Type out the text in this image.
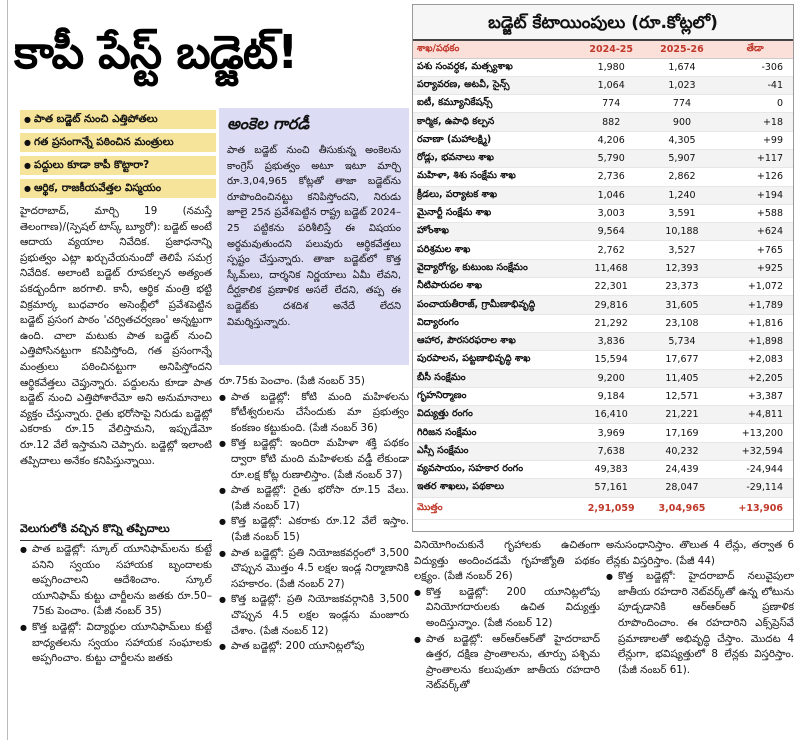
కాపీ పేస్ట్ బడ్జెట్!
● పాత బడ్జెట్ నుంచి ఎత్తిపోతలు
● గత ప్రసంగాన్నే పఠించిన మంత్రులు
● పద్దులు కూడా కాపీ కొట్టారా?
● ఆర్థిక, రాజకీయవేత్తల విస్మయం

హైదరాబాద్, మార్చి 19 (నమస్తే తెలంగాణ)/(స్పెషల్ టాస్క్ బ్యూరో): బడ్జెట్ అంటే ఆదాయ వ్యయాల నివేదిక. ప్రజాధనాన్ని ప్రభుత్వం ఎట్లా ఖర్చుచేయనుందో తెలిపే సమగ్ర నివేదిక. అలాంటి బడ్జెట్ రూపకల్పన అత్యంత పకడ్బందీగా జరగాలి. కానీ, ఆర్థిక మంత్రి భట్టి విక్రమార్క బుధవారం అసెంబ్లీలో ప్రవేశపెట్టిన బడ్జెట్ ప్రసంగ పాఠం 'చర్వితచర్వణం' అన్నట్టుగా ఉంది. చాలా మటుకు పాత బడ్జెట్ నుంచి ఎత్తిపోసినట్టుగా కనిపిస్తోంది, గత ప్రసంగాన్నే మంత్రులు పఠించినట్టుగా అనిపిస్తోందని ఆర్థికవేత్తలు చెప్తున్నారు. పద్దులను కూడా పాత బడ్జెట్ నుంచి ఎత్తిపోశారేమో అని అనుమానాలు వ్యక్తం చేస్తున్నారు. రైతు భరోసాపై నిరుడు బడ్జెట్లో ఎకరాకు రూ.15 వేలిస్తామని, ఇప్పుడేమో రూ.12 వేలే ఇస్తామని చెప్పారు. బడ్జెట్లో ఇలాంటి తప్పిదాలు అనేకం కనిపిస్తున్నాయి.

వెలుగులోకి వచ్చిన కొన్ని తప్పిదాలు
● పాత బడ్జెట్లో: స్కూల్ యూనిఫామ్‌లను కుట్టే పనిని స్వయం సహాయక బృందాలకు అప్పగించాలని ఆదేశించాం. స్కూల్ యూనిఫామ్ కుట్టు చార్జీలను జతకు రూ.50–75కు పెంచాం. (పేజీ నంబర్ 35)
● కొత్త బడ్జెట్లో: విద్యార్థుల యూనిఫామ్‌లు కుట్టే బాధ్యతలను స్వయం సహాయక సంఘాలకు అప్పగించాం. కుట్టు చార్జీలను జతకు
అంకెల గారడీ

పాత బడ్జెట్ నుంచి తీసుకున్న అంకెలను కాంగ్రెస్ ప్రభుత్వం అటూ ఇటూ మార్చి రూ.3,04,965 కోట్లతో తాజా బడ్జెట్‌ను రూపొందించినట్టు కనిపిస్తోందని, నిరుడు జూలై 25న ప్రవేశపెట్టిన రాష్ట్ర బడ్జెట్ 2024–25 పట్టికను పరిశీలిస్తే ఈ విషయం అర్థమవుతుందని పలువురు ఆర్థికవేత్తలు స్పష్టం చేస్తున్నారు. తాజా బడ్జెట్‌లో కొత్త స్కీమ్‌లు, దార్శనిక నిర్ణయాలు ఏమీ లేవని, దీర్ఘకాలిక ప్రణాళిక అసలే లేదని, తప్ప ఈ బడ్జెట్‌కు దశ‌దిశ అనేదే లేదని విమర్శిస్తున్నారు.

రూ.75కు పెంచాం. (పేజీ నంబర్ 35)

● పాత బడ్జెట్లో: కోటి మంది మహిళలను కోటీశ్వరులను చేసేందుకు మా ప్రభుత్వం కంకణం కట్టుకుంది. (పేజీ నంబర్ 36)
● కొత్త బడ్జెట్లో: ఇందిరా మహిళా శక్తి పథకం ద్వారా కోటి మంది మహిళలకు వడ్డీ లేకుండా రూ.లక్ష కోట్ల రుణాలిస్తాం. (పేజీ నంబర్ 37)
● పాత బడ్జెట్లో: రైతు భరోసా రూ.15 వేలు. (పేజీ నంబర్ 17)
● కొత్త బడ్జెట్లో: ఎకరాకు రూ.12 వేలే ఇస్తాం. (పేజీ నంబర్ 15)
● పాత బడ్జెట్లో: ప్రతి నియోజకవర్గంలో 3,500 చొప్పున మొత్తం 4.5 లక్షల ఇండ్ల నిర్మాణానికి సహకారం. (పేజీ నంబర్ 27)
● కొత్త బడ్జెట్లో: ప్రతి నియోజకవర్గానికి 3,500 చొప్పున 4.5 లక్షల ఇండ్లను మంజూరు చేశాం. (పేజీ నంబర్ 12)
● పాత బడ్జెట్లో: 200 యూనిట్లలోపు
బడ్జెట్ కేటాయింపులు (రూ.కోట్లలో)
శాఖ/పథకం	2024-25	2025-26	తేడా
పశు సంవర్ధక, మత్స్యశాఖ	1,980	1,674	-306
పర్యావరణ, అటవీ, సైన్స్	1,064	1,023	-41
ఐటీ, కమ్యూనికేషన్స్	774	774	0
కార్మిక, ఉపాధి కల్పన	882	900	+18
రవాణా (మహాలక్ష్మి)	4,206	4,305	+99
రోడ్లు, భవనాలు శాఖ	5,790	5,907	+117
మహిళా, శిశు సంక్షేమ శాఖ	2,736	2,862	+126
క్రీడలు, పర్యాటక శాఖ	1,046	1,240	+194
మైనార్టీ సంక్షేమ శాఖ	3,003	3,591	+588
హోంశాఖ	9,564	10,188	+624
పరిశ్రమల శాఖ	2,762	3,527	+765
వైద్యారోగ్య, కుటుంబ సంక్షేమం	11,468	12,393	+925
నీటిపారుదల శాఖ	22,301	23,373	+1,072
పంచాయతీరాజ్, గ్రామీణాభివృద్ధి	29,816	31,605	+1,789
విద్యారంగం	21,292	23,108	+1,816
ఆహార, పౌరసరఫరాల శాఖ	3,836	5,734	+1,898
పురపాలన, పట్టణాభివృద్ధి శాఖ	15,594	17,677	+2,083
బీసీ సంక్షేమం	9,200	11,405	+2,205
గృహనిర్మాణం	9,184	12,571	+3,387
విద్యుత్తు రంగం	16,410	21,221	+4,811
గిరిజన సంక్షేమం	3,969	17,169	+13,200
ఎస్సీ సంక్షేమం	7,638	40,232	+32,594
వ్యవసాయం, సహకార రంగం	49,383	24,439	-24,944
ఇతర శాఖలు, పథకాలు	57,161	28,047	-29,114
మొత్తం	2,91,059	3,04,965	+13,906

వినియోగించుకునే గృహాలకు ఉచితంగా విద్యుత్తు అందించడమే గృహజ్యోతి పథకం లక్ష్యం. (పేజీ నంబర్ 26)

● కొత్త బడ్జెట్లో: 200 యూనిట్లలోపు వినియోగదారులకు ఉచిత విద్యుత్తు అందిస్తున్నాం. (పేజీ నంబర్ 12)
● పాత బడ్జెట్లో: ఆర్ఆర్ఆర్‌తో హైదరాబాద్ ఉత్తర, దక్షిణ ప్రాంతాలను, తూర్పు పశ్చిమ ప్రాంతాలను కలుపుతూ జాతీయ రహదారి నెట్‌వర్క్‌తో

అనుసంధానిస్తాం. తొలుత 4 లేన్లు, తర్వాత 6 లేన్లకు విస్తరిస్తాం. (పేజీ 44)

● కొత్త బడ్జెట్లో: హైదరాబాద్ నలువైపులా జాతీయ రహదారి నెట్‌వర్క్‌తో ఉన్న లోటును పూడ్చడానికి ఆర్ఆర్ఆర్ ప్రణాళిక రూపొందించాం. ఈ రహదారిని ఎక్స్‌ప్రెస్‌వే ప్రమాణాలతో అభివృద్ధి చేస్తాం. మొదట 4 లేన్లుగా, భవిష్యత్తులో 8 లేన్లకు విస్తరిస్తాం. (పేజీ నంబర్ 61).
